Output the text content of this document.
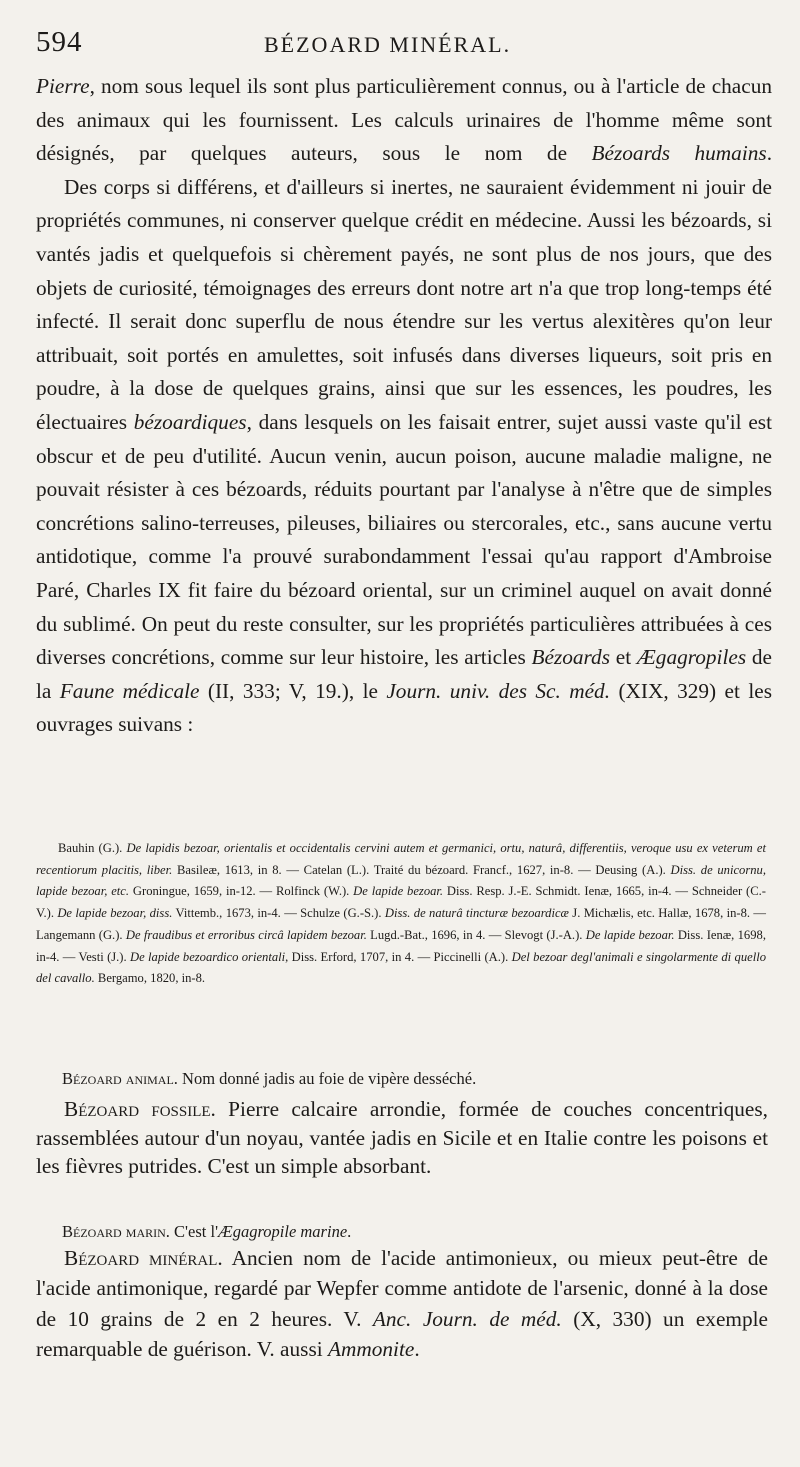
594	BÉZOARD MINÉRAL.

Pierre, nom sous lequel ils sont plus particulièrement connus, ou à l'article de chacun des animaux qui les fournissent. Les calculs urinaires de l'homme même sont désignés, par quelques auteurs, sous le nom de Bézoards humains.

Des corps si différens, et d'ailleurs si inertes, ne sauraient évidemment ni jouir de propriétés communes, ni conserver quelque crédit en médecine. Aussi les bézoards, si vantés jadis et quelquefois si chèrement payés, ne sont plus de nos jours, que des objets de curiosité, témoignages des erreurs dont notre art n'a que trop long-temps été infecté. Il serait donc superflu de nous étendre sur les vertus alexitères qu'on leur attribuait, soit portés en amulettes, soit infusés dans diverses liqueurs, soit pris en poudre, à la dose de quelques grains, ainsi que sur les essences, les poudres, les électuaires bézoardiques, dans lesquels on les faisait entrer, sujet aussi vaste qu'il est obscur et de peu d'utilité. Aucun venin, aucun poison, aucune maladie maligne, ne pouvait résister à ces bézoards, réduits pourtant par l'analyse à n'être que de simples concrétions salino-terreuses, pileuses, biliaires ou stercorales, etc., sans aucune vertu antidotique, comme l'a prouvé surabondamment l'essai qu'au rapport d'Ambroise Paré, Charles IX fit faire du bézoard oriental, sur un criminel auquel on avait donné du sublimé. On peut du reste consulter, sur les propriétés particulières attribuées à ces diverses concrétions, comme sur leur histoire, les articles Bézoards et Ægagropiles de la Faune médicale (II, 333; V, 19.), le Journ. univ. des Sc. méd. (XIX, 329) et les ouvrages suivans :

Bauhin (G.). De lapidis bezoar, orientalis et occidentalis cervini autem et germanici, ortu, naturâ, differentiis, veroque usu ex veterum et recentiorum placitis, liber. Basileæ, 1613, in 8. — Catelan (L.). Traité du bézoard. Francf., 1627, in-8. — Deusing (A.). Diss. de unicornu, lapide bezoar, etc. Groningue, 1659, in-12. — Rolfinck (W.). De lapide bezoar. Diss. Resp. J.-E. Schmidt. Ienæ, 1665, in-4. — Schneider (C.-V.). De lapide bezoar, diss. Vittemb., 1673, in-4. — Schulze (G.-S.). Diss. de naturâ tincturæ bezoardicæ J. Michælis, etc. Hallæ, 1678, in-8. — Langemann (G.). De fraudibus et erroribus circâ lapidem bezoar. Lugd.-Bat., 1696, in 4. — Slevogt (J.-A.). De lapide bezoar. Diss. Ienæ, 1698, in-4. — Vesti (J.). De lapide bezoardico orientali, Diss. Erford, 1707, in 4. — Piccinelli (A.). Del bezoar degl'animali e singolarmente di quello del cavallo. Bergamo, 1820, in-8.

Bézoard animal. Nom donné jadis au foie de vipère desséché.

Bézoard fossile. Pierre calcaire arrondie, formée de couches concentriques, rassemblées autour d'un noyau, vantée jadis en Sicile et en Italie contre les poisons et les fièvres putrides. C'est un simple absorbant.

Bézoard marin. C'est l'Ægagropile marine.

Bézoard minéral. Ancien nom de l'acide antimonieux, ou mieux peut-être de l'acide antimonique, regardé par Wepfer comme antidote de l'arsenic, donné à la dose de 10 grains de 2 en 2 heures. V. Anc. Journ. de méd. (X, 330) un exemple remarquable de guérison. V. aussi Ammonite.
